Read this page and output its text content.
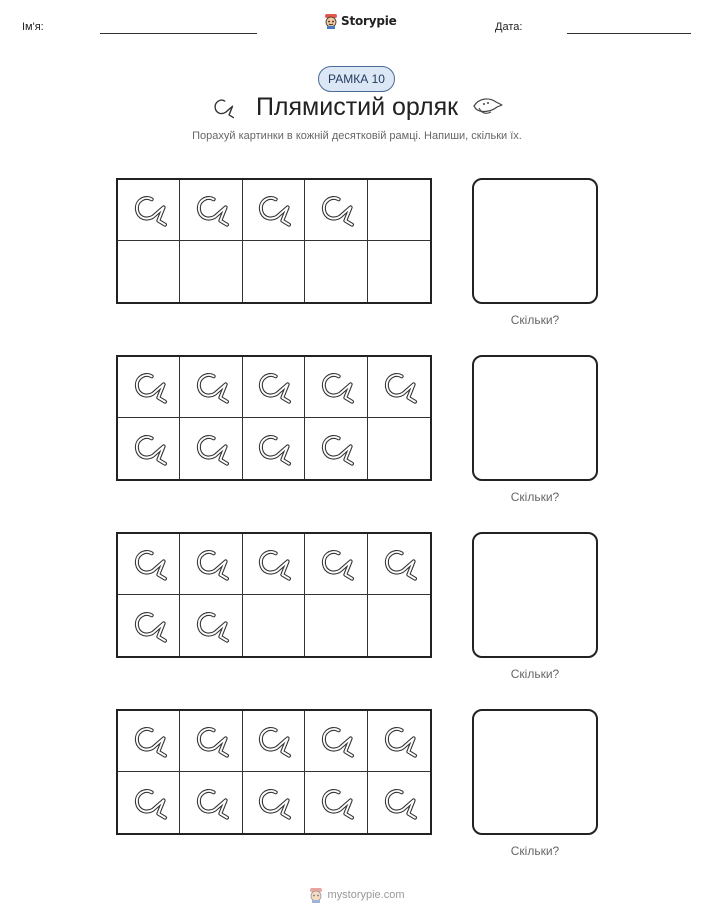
Ім'я:	Storypie	Дата:
РАМКА 10
Плямистий орляк
Порахуй картинки в кожній десятковій рамці. Напиши, скільки їх.
Скільки?
Скільки?
Скільки?
Скільки?
mystorypie.com
